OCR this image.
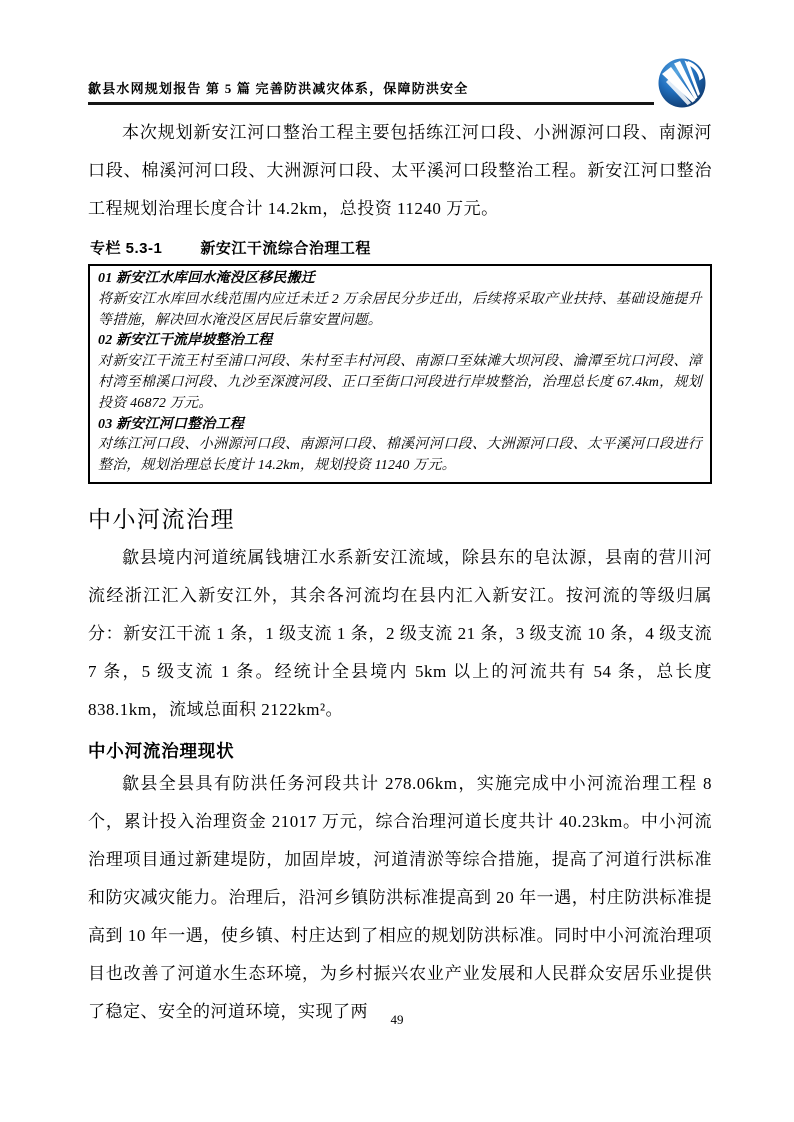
歙县水网规划报告 第 5 篇 完善防洪减灾体系，保障防洪安全

本次规划新安江河口整治工程主要包括练江河口段、小洲源河口段、南源河口段、棉溪河河口段、大洲源河口段、太平溪河口段整治工程。新安江河口整治工程规划治理长度合计 14.2km，总投资 11240 万元。

专栏 5.3-1	新安江干流综合治理工程
01 新安江水库回水淹没区移民搬迁
将新安江水库回水线范围内应迁未迁 2 万余居民分步迁出，后续将采取产业扶持、基础设施提升等措施，解决回水淹没区居民后靠安置问题。
02 新安江干流岸坡整治工程
对新安江干流王村至浦口河段、朱村至丰村河段、南源口至妹滩大坝河段、瀹潭至坑口河段、漳村湾至棉溪口河段、九沙至深渡河段、正口至街口河段进行岸坡整治，治理总长度 67.4km，规划投资 46872 万元。
03 新安江河口整治工程
对练江河口段、小洲源河口段、南源河口段、棉溪河河口段、大洲源河口段、太平溪河口段进行整治，规划治理总长度计 14.2km，规划投资 11240 万元。
中小河流治理

歙县境内河道统属钱塘江水系新安江流域，除县东的皂汰源，县南的营川河流经浙江汇入新安江外，其余各河流均在县内汇入新安江。按河流的等级归属分：新安江干流 1 条，1 级支流 1 条，2 级支流 21 条，3 级支流 10 条，4 级支流 7 条，5 级支流 1 条。经统计全县境内 5km 以上的河流共有 54 条，总长度 838.1km，流域总面积 2122km²。

中小河流治理现状

歙县全县具有防洪任务河段共计 278.06km，实施完成中小河流治理工程 8 个，累计投入治理资金 21017 万元，综合治理河道长度共计 40.23km。中小河流治理项目通过新建堤防，加固岸坡，河道清淤等综合措施，提高了河道行洪标准和防灾减灾能力。治理后，沿河乡镇防洪标准提高到 20 年一遇，村庄防洪标准提高到 10 年一遇，使乡镇、村庄达到了相应的规划防洪标准。同时中小河流治理项目也改善了河道水生态环境，为乡村振兴农业产业发展和人民群众安居乐业提供了稳定、安全的河道环境，实现了两	49
